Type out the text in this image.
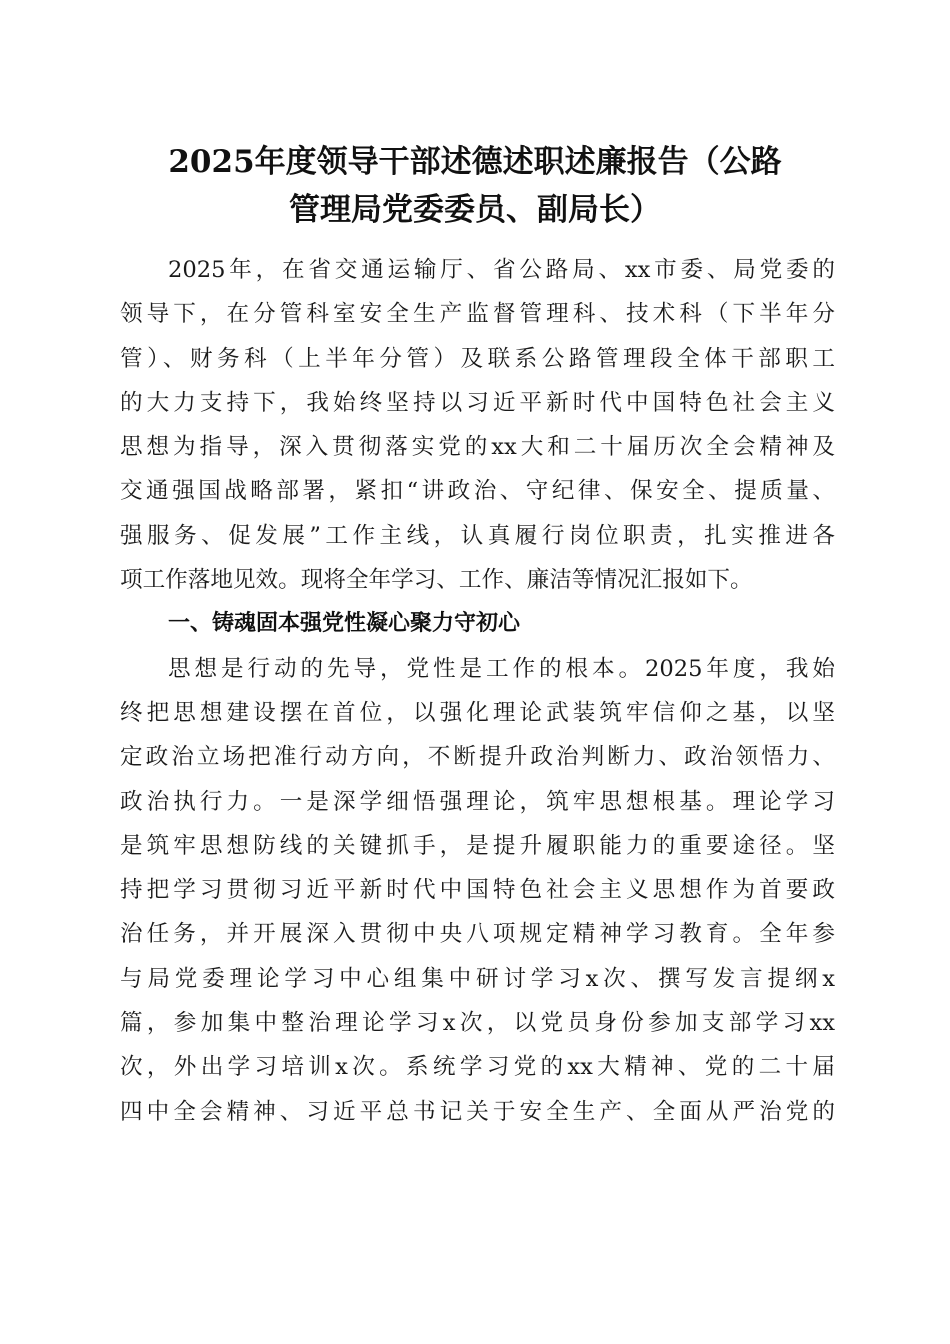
2025年度领导干部述德述职述廉报告（公路
管理局党委委员、副局长）
2025年，在省交通运输厅、省公路局、xx市委、局党委的
领导下，在分管科室安全生产监督管理科、技术科（下半年分
管）、财务科（上半年分管）及联系公路管理段全体干部职工
的大力支持下，我始终坚持以习近平新时代中国特色社会主义
思想为指导，深入贯彻落实党的xx大和二十届历次全会精神及
交通强国战略部署，紧扣“讲政治、守纪律、保安全、提质量、
强服务、促发展”工作主线，认真履行岗位职责，扎实推进各
项工作落地见效。现将全年学习、工作、廉洁等情况汇报如下。
一、铸魂固本强党性凝心聚力守初心
思想是行动的先导，党性是工作的根本。2025年度，我始
终把思想建设摆在首位，以强化理论武装筑牢信仰之基，以坚
定政治立场把准行动方向，不断提升政治判断力、政治领悟力、
政治执行力。一是深学细悟强理论，筑牢思想根基。理论学习
是筑牢思想防线的关键抓手，是提升履职能力的重要途径。坚
持把学习贯彻习近平新时代中国特色社会主义思想作为首要政
治任务，并开展深入贯彻中央八项规定精神学习教育。全年参
与局党委理论学习中心组集中研讨学习x次、撰写发言提纲x
篇，参加集中整治理论学习x次，以党员身份参加支部学习xx
次，外出学习培训x次。系统学习党的xx大精神、党的二十届
四中全会精神、习近平总书记关于安全生产、全面从严治党的
